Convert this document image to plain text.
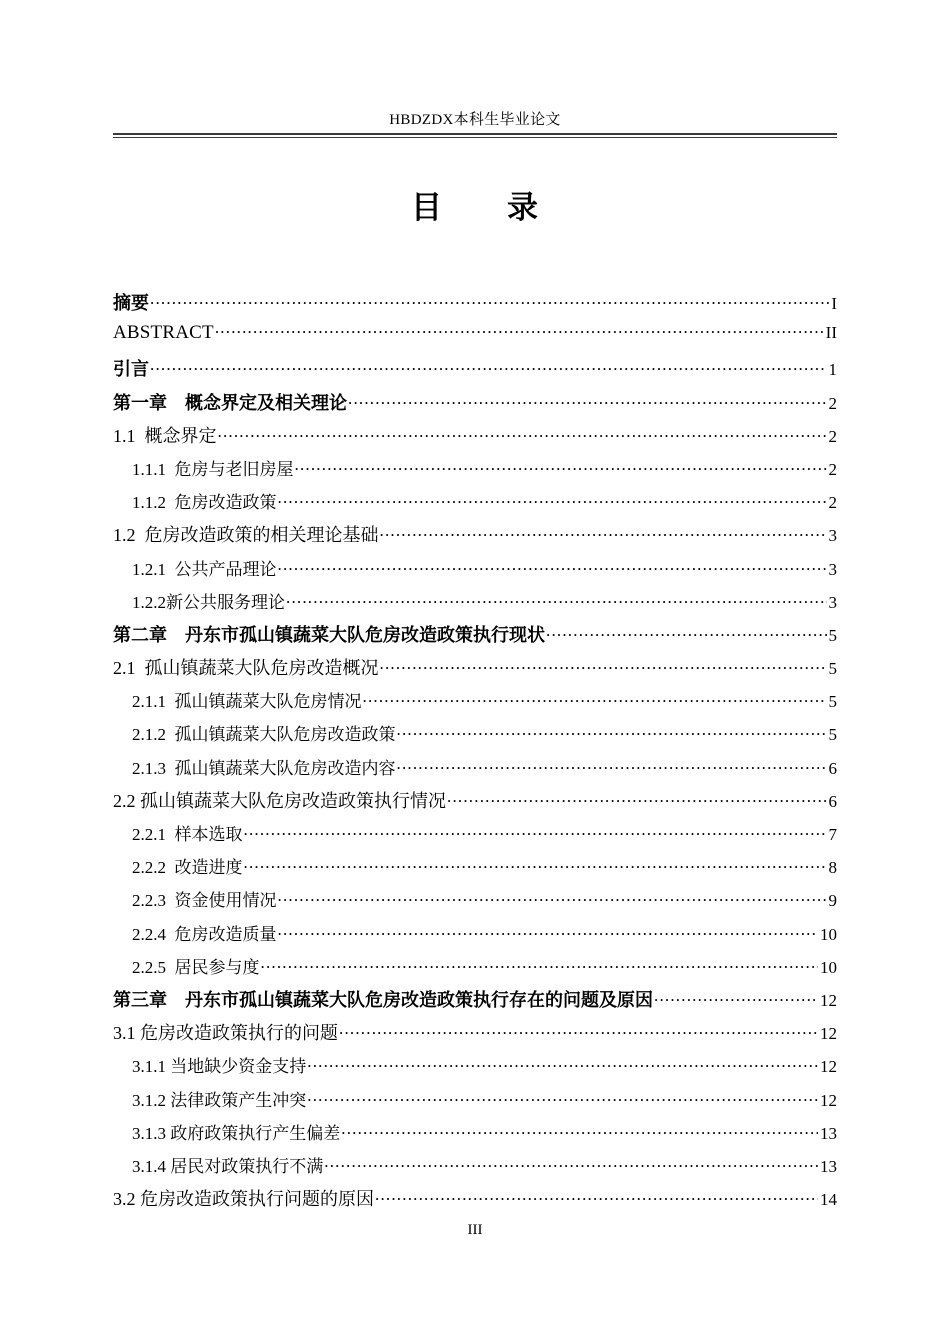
HBDZDX本科生毕业论文
目　　录
摘要 .....	I
ABSTRACT .....	II
引言 .....	1
第一章　概念界定及相关理论 .....	2
1.1  概念界定 .....	2
1.1.1  危房与老旧房屋 .....	2
1.1.2  危房改造政策 .....	2
1.2  危房改造政策的相关理论基础 .....	3
1.2.1  公共产品理论 .....	3
1.2.2新公共服务理论 .....	3
第二章　丹东市孤山镇蔬菜大队危房改造政策执行现状 .....	5
2.1  孤山镇蔬菜大队危房改造概况 .....	5
2.1.1  孤山镇蔬菜大队危房情况 .....	5
2.1.2  孤山镇蔬菜大队危房改造政策 .....	5
2.1.3  孤山镇蔬菜大队危房改造内容 .....	6
2.2 孤山镇蔬菜大队危房改造政策执行情况 .....	6
2.2.1  样本选取 .....	7
2.2.2  改造进度 .....	8
2.2.3  资金使用情况 .....	9
2.2.4  危房改造质量 .....	10
2.2.5  居民参与度 .....	10
第三章　丹东市孤山镇蔬菜大队危房改造政策执行存在的问题及原因 .....	12
3.1 危房改造政策执行的问题 .....	12
3.1.1 当地缺少资金支持 .....	12
3.1.2 法律政策产生冲突 .....	12
3.1.3 政府政策执行产生偏差 .....	13
3.1.4 居民对政策执行不满 .....	13
3.2 危房改造政策执行问题的原因 .....	14
III
